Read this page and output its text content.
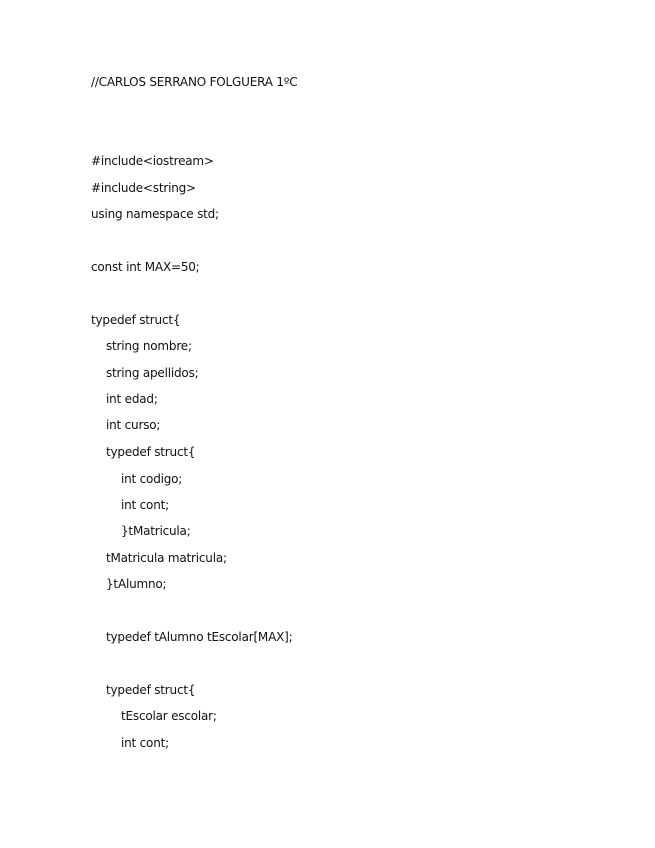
//CARLOS SERRANO FOLGUERA 1ºC
#include<iostream>
#include<string>
using namespace std;
const int MAX=50;
typedef struct{
string nombre;
string apellidos;
int edad;
int curso;
typedef struct{
int codigo;
int cont;
}tMatricula;
tMatricula matricula;
}tAlumno;
typedef tAlumno tEscolar[MAX];
typedef struct{
tEscolar escolar;
int cont;
